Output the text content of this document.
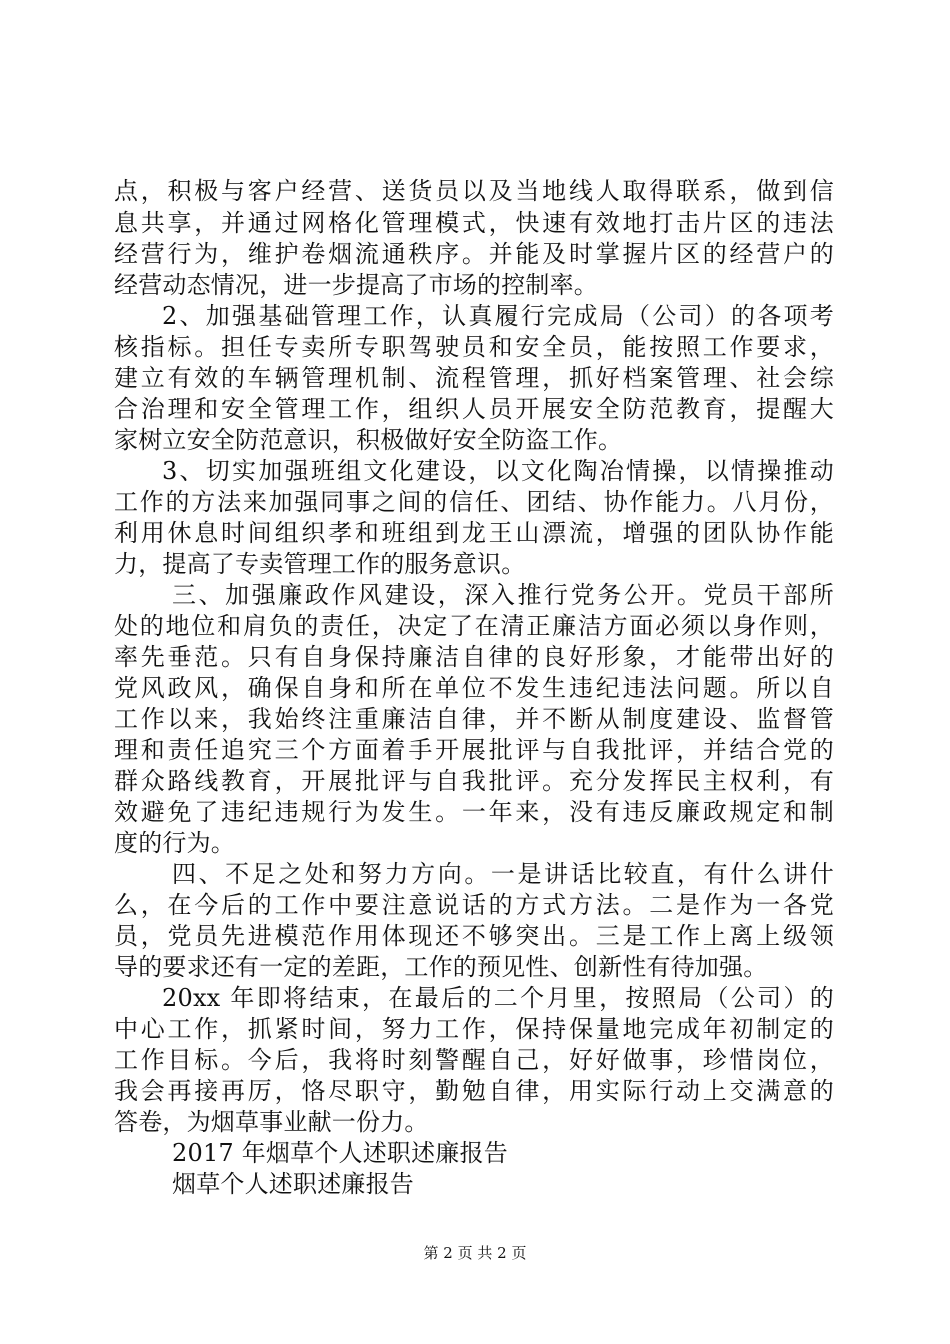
点，积极与客户经营、送货员以及当地线人取得联系，做到信
息共享，并通过网格化管理模式，快速有效地打击片区的违法
经营行为，维护卷烟流通秩序。并能及时掌握片区的经营户的
经营动态情况，进一步提高了市场的控制率。
2、加强基础管理工作，认真履行完成局（公司）的各项考
核指标。担任专卖所专职驾驶员和安全员，能按照工作要求，
建立有效的车辆管理机制、流程管理，抓好档案管理、社会综
合治理和安全管理工作，组织人员开展安全防范教育，提醒大
家树立安全防范意识，积极做好安全防盗工作。
3、切实加强班组文化建设，以文化陶冶情操，以情操推动
工作的方法来加强同事之间的信任、团结、协作能力。八月份，
利用休息时间组织孝和班组到龙王山漂流，增强的团队协作能
力，提高了专卖管理工作的服务意识。
三、加强廉政作风建设，深入推行党务公开。党员干部所
处的地位和肩负的责任，决定了在清正廉洁方面必须以身作则，
率先垂范。只有自身保持廉洁自律的良好形象，才能带出好的
党风政风，确保自身和所在单位不发生违纪违法问题。所以自
工作以来，我始终注重廉洁自律，并不断从制度建设、监督管
理和责任追究三个方面着手开展批评与自我批评，并结合党的
群众路线教育，开展批评与自我批评。充分发挥民主权利，有
效避免了违纪违规行为发生。一年来，没有违反廉政规定和制
度的行为。
四、不足之处和努力方向。一是讲话比较直，有什么讲什
么，在今后的工作中要注意说话的方式方法。二是作为一各党
员，党员先进模范作用体现还不够突出。三是工作上离上级领
导的要求还有一定的差距，工作的预见性、创新性有待加强。
20xx 年即将结束，在最后的二个月里，按照局（公司）的
中心工作，抓紧时间，努力工作，保持保量地完成年初制定的
工作目标。今后，我将时刻警醒自己，好好做事，珍惜岗位，
我会再接再厉，恪尽职守，勤勉自律，用实际行动上交满意的
答卷，为烟草事业献一份力。
2017 年烟草个人述职述廉报告
烟草个人述职述廉报告
第 2 页 共 2 页
